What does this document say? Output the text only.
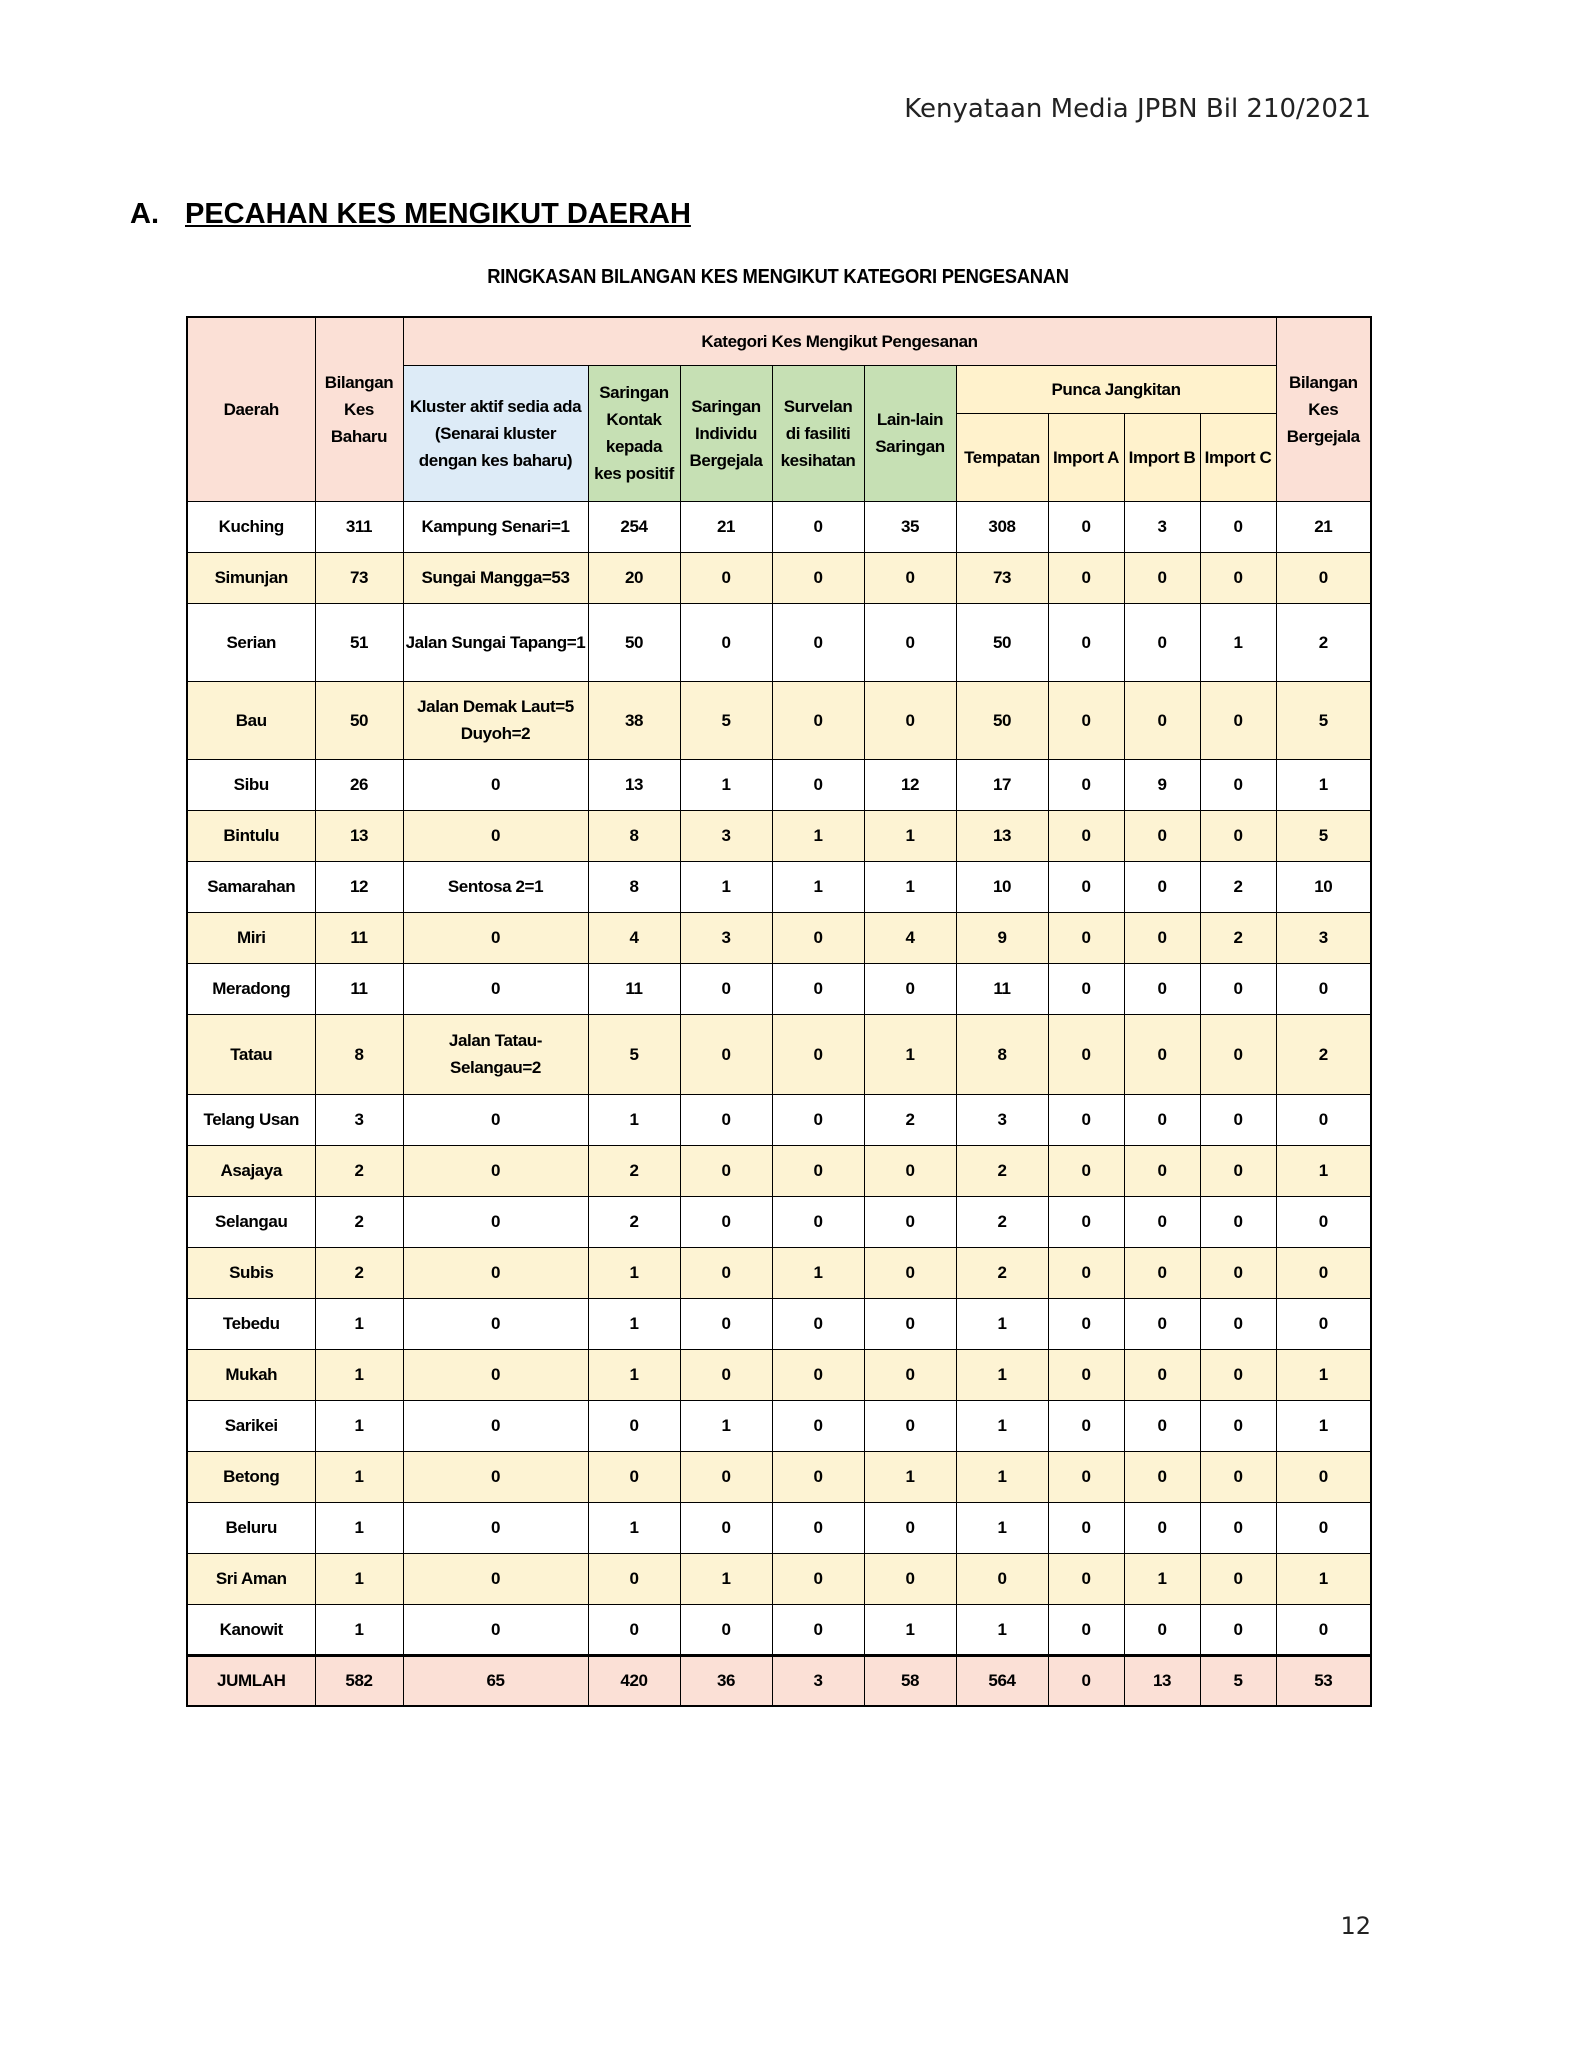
Kenyataan Media JPBN Bil 210/2021
A. PECAHAN KES MENGIKUT DAERAH
RINGKASAN BILANGAN KES MENGIKUT KATEGORI PENGESANAN
Daerah	Bilangan Kes Baharu	Kategori Kes Mengikut Pengesanan									Bilangan Kes Bergejala
		Kluster aktif sedia ada (Senarai kluster dengan kes baharu)	Saringan Kontak kepada kes positif	Saringan Individu Bergejala	Survelan di fasiliti kesihatan	Lain-lain Saringan	Punca Jangkitan				
							Tempatan	Import A	Import B	Import C	
Kuching	311	Kampung Senari=1	254	21	0	35	308	0	3	0	21
Simunjan	73	Sungai Mangga=53	20	0	0	0	73	0	0	0	0
Serian	51	Jalan Sungai Tapang=1	50	0	0	0	50	0	0	1	2
Bau	50	Jalan Demak Laut=5 Duyoh=2	38	5	0	0	50	0	0	0	5
Sibu	26	0	13	1	0	12	17	0	9	0	1
Bintulu	13	0	8	3	1	1	13	0	0	0	5
Samarahan	12	Sentosa 2=1	8	1	1	1	10	0	0	2	10
Miri	11	0	4	3	0	4	9	0	0	2	3
Meradong	11	0	11	0	0	0	11	0	0	0	0
Tatau	8	Jalan Tatau-Selangau=2	5	0	0	1	8	0	0	0	2
Telang Usan	3	0	1	0	0	2	3	0	0	0	0
Asajaya	2	0	2	0	0	0	2	0	0	0	1
Selangau	2	0	2	0	0	0	2	0	0	0	0
Subis	2	0	1	0	1	0	2	0	0	0	0
Tebedu	1	0	1	0	0	0	1	0	0	0	0
Mukah	1	0	1	0	0	0	1	0	0	0	1
Sarikei	1	0	0	1	0	0	1	0	0	0	1
Betong	1	0	0	0	0	1	1	0	0	0	0
Beluru	1	0	1	0	0	0	1	0	0	0	0
Sri Aman	1	0	0	1	0	0	0	0	1	0	1
Kanowit	1	0	0	0	0	1	1	0	0	0	0
JUMLAH	582	65	420	36	3	58	564	0	13	5	53
12
